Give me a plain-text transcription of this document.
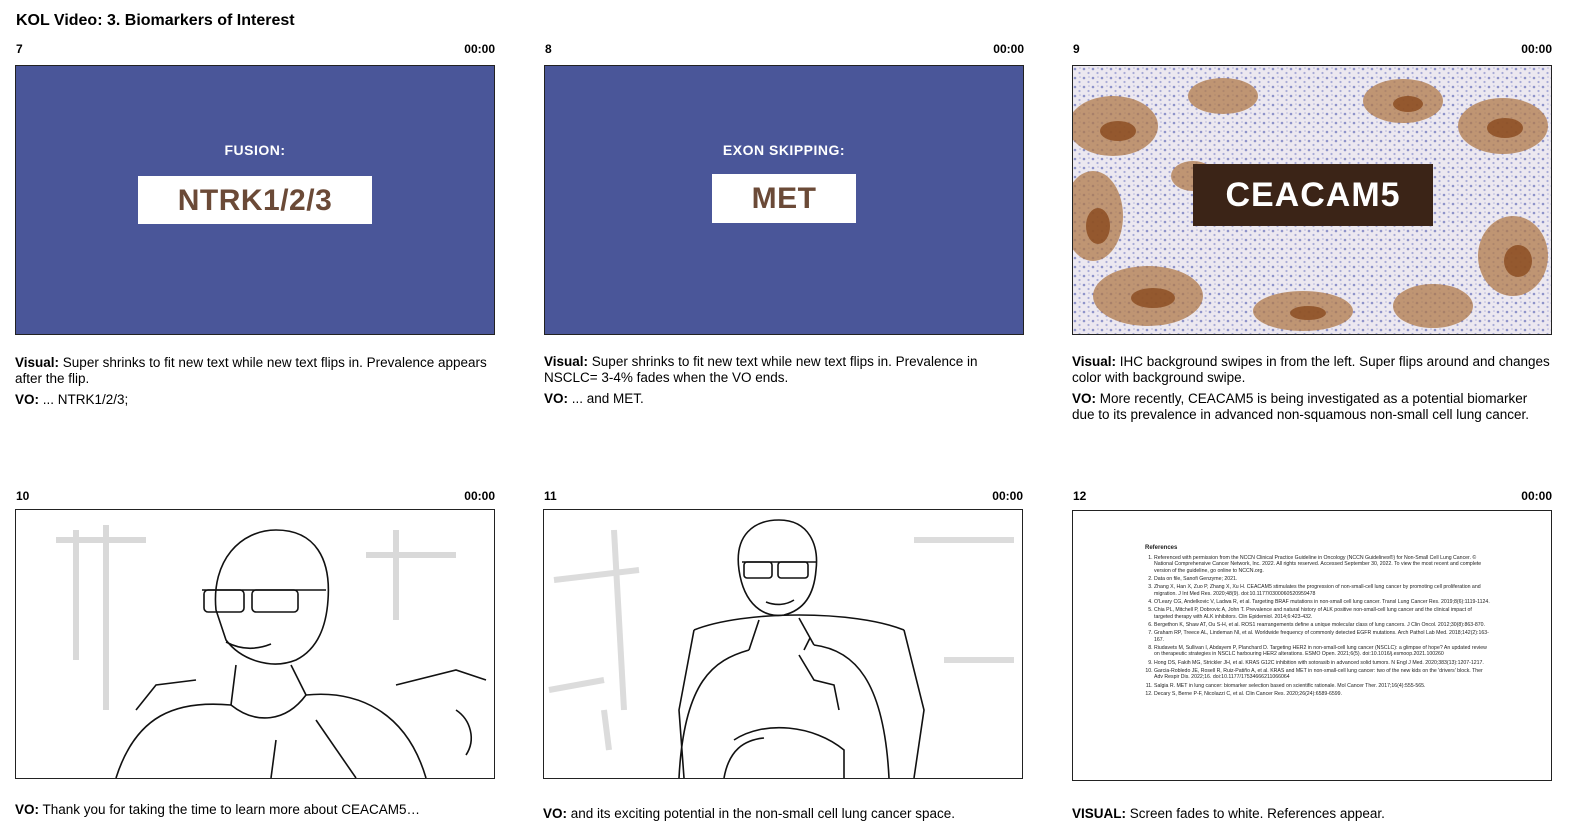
KOL Video: 3. Biomarkers of Interest
7	00:00
FUSION:
NTRK1/2/3

Visual: Super shrinks to fit new text while new text flips in. Prevalence appears after the flip.

VO: ... NTRK1/2/3;

8	00:00
EXON SKIPPING:
MET

Visual: Super shrinks to fit new text while new text flips in. Prevalence in NSCLC= 3-4% fades when the VO ends.

VO: ... and MET.

9	00:00
CEACAM5

Visual: IHC background swipes in from the left. Super flips around and changes color with background swipe.

VO: More recently, CEACAM5 is being investigated as a potential biomarker due to its prevalence in advanced non-squamous non-small cell lung cancer.

10	00:00

VO: Thank you for taking the time to learn more about CEACAM5…

11	00:00

VO: and its exciting potential in the non-small cell lung cancer space.

12	00:00
References
1. Referenced with permission from the NCCN Clinical Practice Guideline in Oncology (NCCN Guidelines®) for Non-Small Cell Lung Cancer. © National Comprehensive Cancer Network, Inc. 2022. All rights reserved. Accessed September 30, 2022. To view the most recent and complete version of the guideline, go online to NCCN.org.
2. Data on file, Sanofi Genzyme; 2021.
3. Zhang X, Han X, Zuo P, Zhang X, Xu H. CEACAM5 stimulates the progression of non-small-cell lung cancer by promoting cell proliferation and migration. J Int Med Res. 2020;48(9). doi:10.1177/0300060520959478
4. O'Leary CG, Andelkovic V, Ladwa R, et al. Targeting BRAF mutations in non-small cell lung cancer. Transl Lung Cancer Res. 2019;8(6):1119-1124.
5. Chia PL, Mitchell P, Dobrovic A, John T. Prevalence and natural history of ALK positive non-small-cell lung cancer and the clinical impact of targeted therapy with ALK inhibitors. Clin Epidemiol. 2014;6:423-432.
6. Bergethon K, Shaw AT, Ou S-H, et al. ROS1 rearrangements define a unique molecular class of lung cancers. J Clin Oncol. 2012;30(8):863-870.
7. Graham RP, Treece AL, Lindeman NI, et al. Worldwide frequency of commonly detected EGFR mutations. Arch Pathol Lab Med. 2018;142(2):163-167.
8. Riudavets M, Sullivan I, Abdayem P, Planchard D. Targeting HER2 in non-small-cell lung cancer (NSCLC): a glimpse of hope? An updated review on therapeutic strategies in NSCLC harbouring HER2 alterations. ESMO Open. 2021;6(5). doi:10.1016/j.esmoop.2021.100260
9. Hong DS, Fakih MG, Strickler JH, et al. KRAS G12C inhibition with sotorasib in advanced solid tumors. N Engl J Med. 2020;383(13):1207-1217.
10. Garcia-Robledo JE, Rosell R, Ruiz-Patiño A, et al. KRAS and MET in non-small-cell lung cancer: two of the new kids on the 'drivers' block. Ther Adv Respir Dis. 2022;16. doi:10.1177/17534666211066064
11. Salgia R. MET in lung cancer: biomarker selection based on scientific rationale. Mol Cancer Ther. 2017;16(4):555-565.
12. Decary S, Berne P-F, Nicolazzi C, et al. Clin Cancer Res. 2020;26(24):6589-6599.

VISUAL: Screen fades to white. References appear.
